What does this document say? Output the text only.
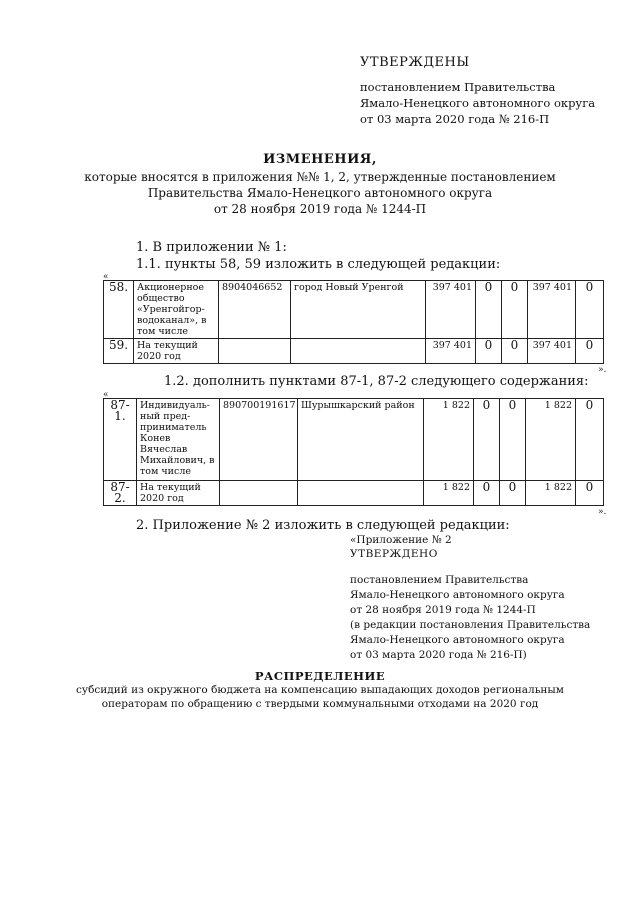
УТВЕРЖДЕНЫ
постановлением Правительства
Ямало-Ненецкого автономного округа
от 03 марта 2020 года № 216-П
ИЗМЕНЕНИЯ,
которые вносятся в приложения №№ 1, 2, утвержденные постановлением
Правительства Ямало-Ненецкого автономного округа
от 28 ноября 2019 года № 1244-П
1. В приложении № 1:
1.1. пункты 58, 59 изложить в следующей редакции:
«
58.	Акционерное общество «Уренгойгор-водоканал», в том числе	8904046652	город Новый Уренгой	397 401	0	0	397 401	0
59.	На текущий 2020 год			397 401	0	0	397 401	0
».
1.2. дополнить пунктами 87-1, 87-2 следующего содержания:
«
87-1.	Индивидуаль-ный пред-приниматель Конев Вячеслав Михайлович, в том числе	890700191617	Шурышкарский район	1 822	0	0	1 822	0
87-2.	На текущий 2020 год			1 822	0	0	1 822	0
».
2. Приложение № 2 изложить в следующей редакции:
«Приложение № 2
УТВЕРЖДЕНО
постановлением Правительства
Ямало-Ненецкого автономного округа
от 28 ноября 2019 года № 1244-П
(в редакции постановления Правительства
Ямало-Ненецкого автономного округа
от 03 марта 2020 года № 216-П)
РАСПРЕДЕЛЕНИЕ
субсидий из окружного бюджета на компенсацию выпадающих доходов региональным
операторам по обращению с твердыми коммунальными отходами на 2020 год
